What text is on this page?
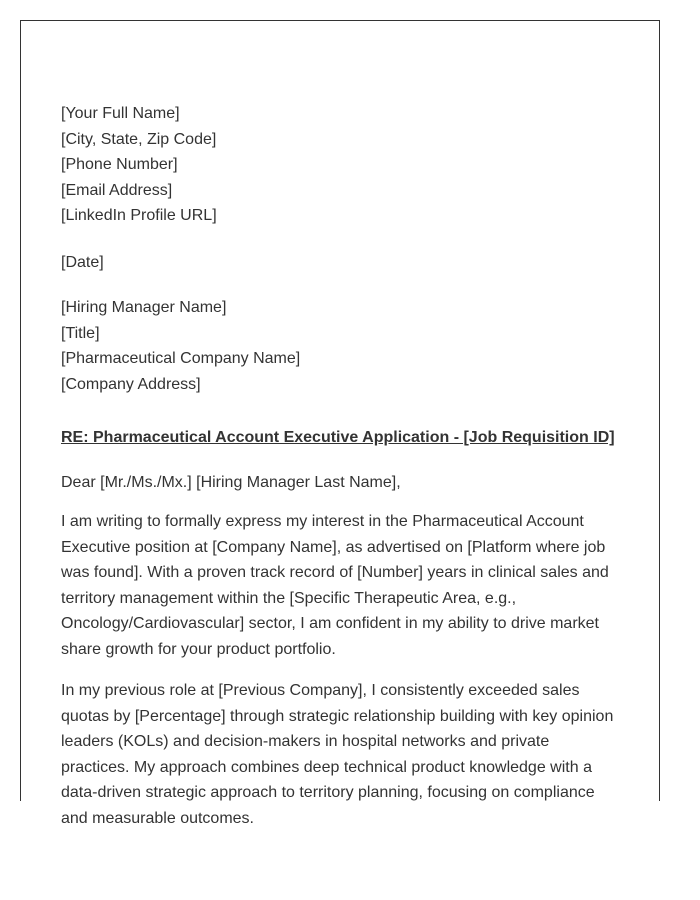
[Your Full Name]
[City, State, Zip Code]
[Phone Number]
[Email Address]
[LinkedIn Profile URL]
[Date]
[Hiring Manager Name]
[Title]
[Pharmaceutical Company Name]
[Company Address]
RE: Pharmaceutical Account Executive Application - [Job Requisition ID]
Dear [Mr./Ms./Mx.] [Hiring Manager Last Name],

I am writing to formally express my interest in the Pharmaceutical Account Executive position at [Company Name], as advertised on [Platform where job was found]. With a proven track record of [Number] years in clinical sales and territory management within the [Specific Therapeutic Area, e.g., Oncology/Cardiovascular] sector, I am confident in my ability to drive market share growth for your product portfolio.

In my previous role at [Previous Company], I consistently exceeded sales quotas by [Percentage] through strategic relationship building with key opinion leaders (KOLs) and decision-makers in hospital networks and private practices. My approach combines deep technical product knowledge with a data-driven strategic approach to territory planning, focusing on compliance and measurable outcomes.
